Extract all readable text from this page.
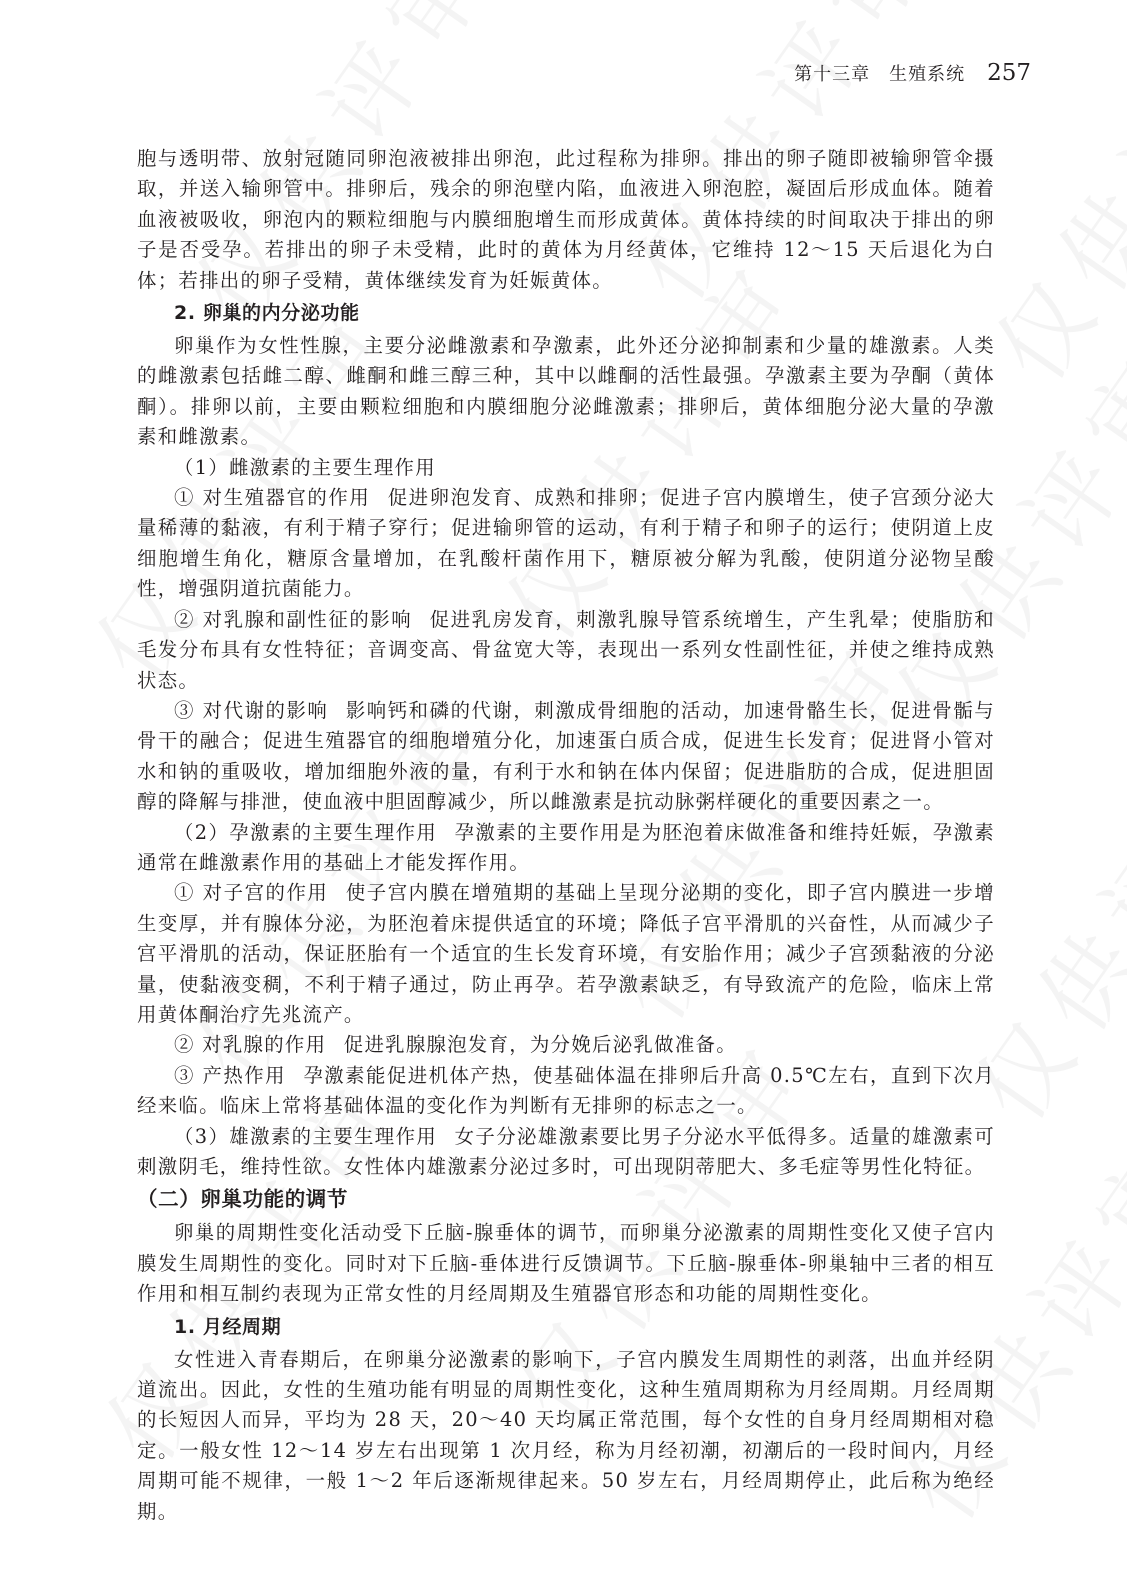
第十三章　生殖系统 257

胞与透明带、放射冠随同卵泡液被排出卵泡，此过程称为排卵。排出的卵子随即被输卵管伞摄取，并送入输卵管中。排卵后，残余的卵泡壁内陷，血液进入卵泡腔，凝固后形成血体。随着血液被吸收，卵泡内的颗粒细胞与内膜细胞增生而形成黄体。黄体持续的时间取决于排出的卵子是否受孕。若排出的卵子未受精，此时的黄体为月经黄体，它维持 12～15 天后退化为白体；若排出的卵子受精，黄体继续发育为妊娠黄体。

2. 卵巢的内分泌功能

卵巢作为女性性腺，主要分泌雌激素和孕激素，此外还分泌抑制素和少量的雄激素。人类的雌激素包括雌二醇、雌酮和雌三醇三种，其中以雌酮的活性最强。孕激素主要为孕酮（黄体酮）。排卵以前，主要由颗粒细胞和内膜细胞分泌雌激素；排卵后，黄体细胞分泌大量的孕激素和雌激素。

（1）雌激素的主要生理作用

① 对生殖器官的作用 促进卵泡发育、成熟和排卵；促进子宫内膜增生，使子宫颈分泌大量稀薄的黏液，有利于精子穿行；促进输卵管的运动，有利于精子和卵子的运行；使阴道上皮细胞增生角化，糖原含量增加，在乳酸杆菌作用下，糖原被分解为乳酸，使阴道分泌物呈酸性，增强阴道抗菌能力。

② 对乳腺和副性征的影响 促进乳房发育，刺激乳腺导管系统增生，产生乳晕；使脂肪和毛发分布具有女性特征；音调变高、骨盆宽大等，表现出一系列女性副性征，并使之维持成熟状态。

③ 对代谢的影响 影响钙和磷的代谢，刺激成骨细胞的活动，加速骨骼生长，促进骨骺与骨干的融合；促进生殖器官的细胞增殖分化，加速蛋白质合成，促进生长发育；促进肾小管对水和钠的重吸收，增加细胞外液的量，有利于水和钠在体内保留；促进脂肪的合成，促进胆固醇的降解与排泄，使血液中胆固醇减少，所以雌激素是抗动脉粥样硬化的重要因素之一。

（2）孕激素的主要生理作用 孕激素的主要作用是为胚泡着床做准备和维持妊娠，孕激素通常在雌激素作用的基础上才能发挥作用。

① 对子宫的作用 使子宫内膜在增殖期的基础上呈现分泌期的变化，即子宫内膜进一步增生变厚，并有腺体分泌，为胚泡着床提供适宜的环境；降低子宫平滑肌的兴奋性，从而减少子宫平滑肌的活动，保证胚胎有一个适宜的生长发育环境，有安胎作用；减少子宫颈黏液的分泌量，使黏液变稠，不利于精子通过，防止再孕。若孕激素缺乏，有导致流产的危险，临床上常用黄体酮治疗先兆流产。

② 对乳腺的作用 促进乳腺腺泡发育，为分娩后泌乳做准备。

③ 产热作用 孕激素能促进机体产热，使基础体温在排卵后升高 0.5℃左右，直到下次月经来临。临床上常将基础体温的变化作为判断有无排卵的标志之一。

（3）雄激素的主要生理作用 女子分泌雄激素要比男子分泌水平低得多。适量的雄激素可刺激阴毛，维持性欲。女性体内雄激素分泌过多时，可出现阴蒂肥大、多毛症等男性化特征。

（二）卵巢功能的调节

卵巢的周期性变化活动受下丘脑-腺垂体的调节，而卵巢分泌激素的周期性变化又使子宫内膜发生周期性的变化。同时对下丘脑-垂体进行反馈调节。下丘脑-腺垂体-卵巢轴中三者的相互作用和相互制约表现为正常女性的月经周期及生殖器官形态和功能的周期性变化。

1. 月经周期

女性进入青春期后，在卵巢分泌激素的影响下，子宫内膜发生周期性的剥落，出血并经阴道流出。因此，女性的生殖功能有明显的周期性变化，这种生殖周期称为月经周期。月经周期的长短因人而异，平均为 28 天，20～40 天均属正常范围，每个女性的自身月经周期相对稳定。一般女性 12～14 岁左右出现第 1 次月经，称为月经初潮，初潮后的一段时间内，月经周期可能不规律，一般 1～2 年后逐渐规律起来。50 岁左右，月经周期停止，此后称为绝经期。
